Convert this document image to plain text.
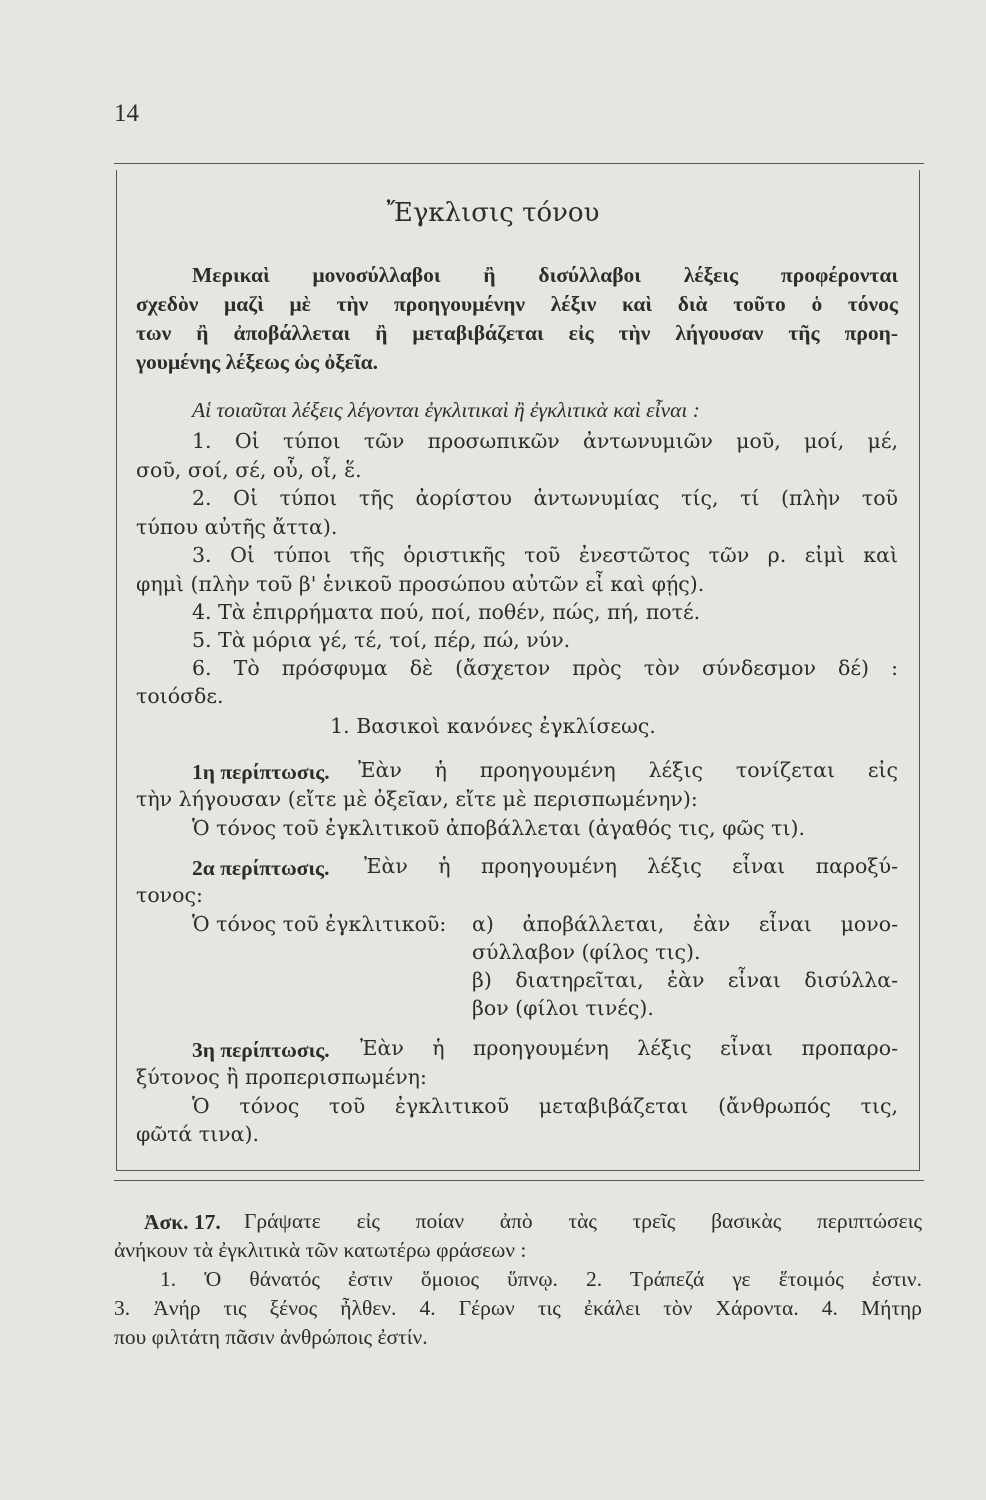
14
Ἔγκλισις τόνου
Μερικαὶ μονοσύλλαβοι ἢ δισύλλαβοι λέξεις προφέρονται
σχεδὸν μαζὶ μὲ τὴν προηγουμένην λέξιν καὶ διὰ τοῦτο ὁ τόνος
των ἢ ἀποβάλλεται ἢ μεταβιβάζεται εἰς τὴν λήγουσαν τῆς προη-
γουμένης λέξεως ὡς ὀξεῖα.
Αἱ τοιαῦται λέξεις λέγονται ἐγκλιτικαὶ ἢ ἐγκλιτικὰ καὶ εἶναι :
1. Οἱ τύποι τῶν προσωπικῶν ἀντωνυμιῶν μοῦ, μοί, μέ,
σοῦ, σοί, σέ, οὗ, οἷ, ἕ.
2. Οἱ τύποι τῆς ἀορίστου ἀντωνυμίας τίς, τί (πλὴν τοῦ
τύπου αὐτῆς ἄττα).
3. Οἱ τύποι τῆς ὁριστικῆς τοῦ ἐνεστῶτος τῶν ρ. εἰμὶ καὶ
φημὶ (πλὴν τοῦ β' ἑνικοῦ προσώπου αὐτῶν εἶ καὶ φῄς).
4. Τὰ ἐπιρρήματα πού, ποί, ποθέν, πώς, πή, ποτέ.
5. Τὰ μόρια γέ, τέ, τοί, πέρ, πώ, νύν.
6. Τὸ πρόσφυμα δὲ (ἄσχετον πρὸς τὸν σύνδεσμον δέ) :
τοιόσδε.
1. Βασικοὶ κανόνες ἐγκλίσεως.
1η περίπτωσις. Ἐὰν ἡ προηγουμένη λέξις τονίζεται εἰς
τὴν λήγουσαν (εἴτε μὲ ὀξεῖαν, εἴτε μὲ περισπωμένην):
Ὁ τόνος τοῦ ἐγκλιτικοῦ ἀποβάλλεται (ἀγαθός τις, φῶς τι).
2α περίπτωσις. Ἐὰν ἡ προηγουμένη λέξις εἶναι παροξύ-
τονος:
Ὁ τόνος τοῦ ἐγκλιτικοῦ: α) ἀποβάλλεται, ἐὰν εἶναι μονο-
σύλλαβον (φίλος τις).
β) διατηρεῖται, ἐὰν εἶναι δισύλλα-
βον (φίλοι τινές).
3η περίπτωσις. Ἐὰν ἡ προηγουμένη λέξις εἶναι προπαρο-
ξύτονος ἢ προπερισπωμένη:
Ὁ τόνος τοῦ ἐγκλιτικοῦ μεταβιβάζεται (ἄνθρωπός τις,
φῶτά τινα).
Ἀσκ. 17. Γράψατε εἰς ποίαν ἀπὸ τὰς τρεῖς βασικὰς περιπτώσεις
ἀνήκουν τὰ ἐγκλιτικὰ τῶν κατωτέρω φράσεων :
1. Ὁ θάνατός ἐστιν ὅμοιος ὕπνῳ. 2. Τράπεζά γε ἕτοιμός ἐστιν.
3. Ἀνήρ τις ξένος ἦλθεν. 4. Γέρων τις ἐκάλει τὸν Χάροντα. 4. Μήτηρ
που φιλτάτη πᾶσιν ἀνθρώποις ἐστίν.
